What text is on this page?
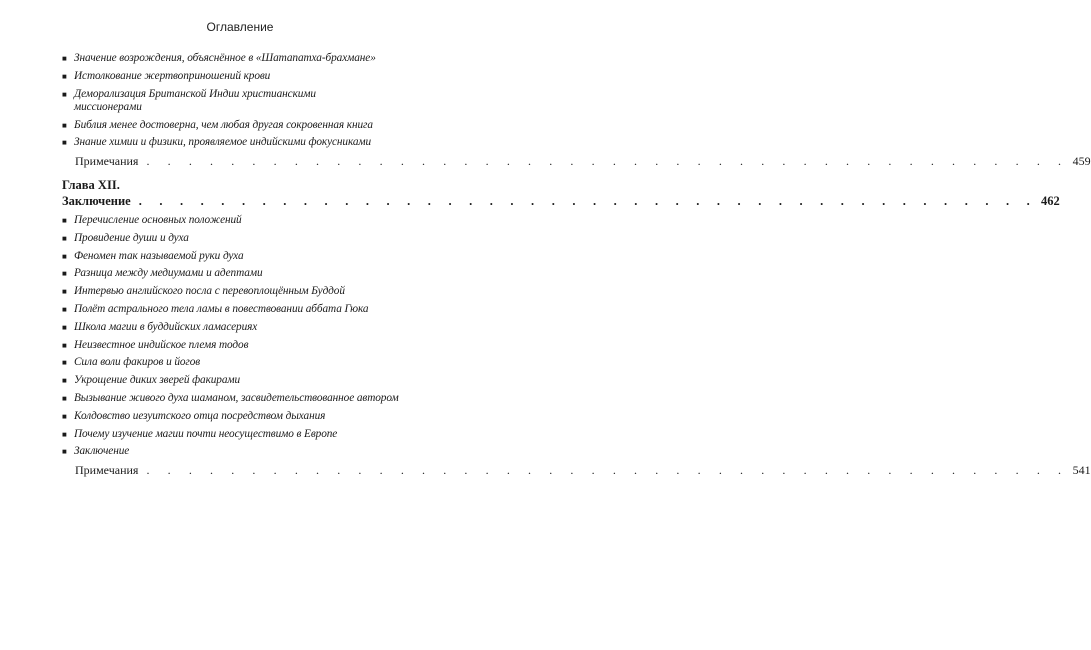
Оглавление
■ Значение возрождения, объяснённое в «Шатапатха-брахмане»
■ Истолкование жертвоприношений крови
■ Деморализация Британской Индии христианскими миссионерами
■ Библия менее достоверна, чем любая другая сокровенная книга
■ Знание химии и физики, проявляемое индийскими фокусниками
Примечания . . . . . . . . . . . . . . . . . . . . . . . . . . . . . . . . . . . . . . . . . . . . 459
Глава XII.
Заключение . . . . . . . . . . . . . . . . . . . . . . . . . . . . . . . . . . . . . . . . . . . . 462
■ Перечисление основных положений
■ Провидение души и духа
■ Феномен так называемой руки духа
■ Разница между медиумами и адептами
■ Интервью английского посла с перевоплощённым Буддой
■ Полёт астрального тела ламы в повествовании аббата Гюка
■ Школа магии в буддийских ламасериях
■ Неизвестное индийское племя тодов
■ Сила воли факиров и йогов
■ Укрощение диких зверей факирами
■ Вызывание живого духа шаманом, засвидетельствованное автором
■ Колдовство иезуитского отца посредством дыхания
■ Почему изучение магии почти неосуществимо в Европе
■ Заключение
Примечания . . . . . . . . . . . . . . . . . . . . . . . . . . . . . . . . . . . . . . . . . . . . 541
